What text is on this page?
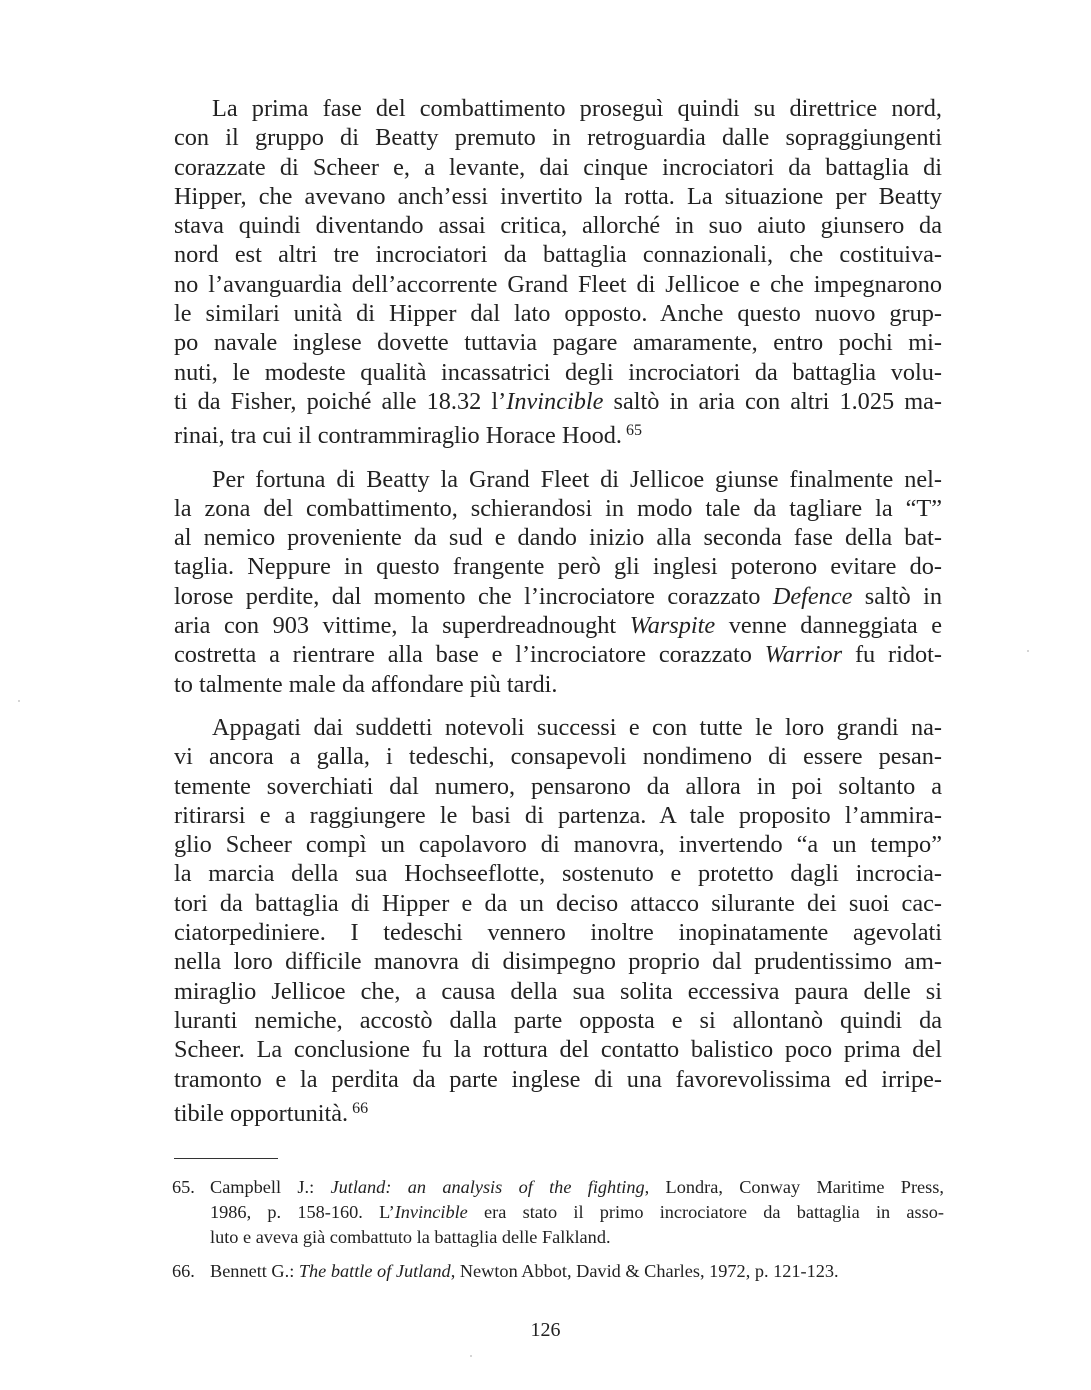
La prima fase del combattimento proseguì quindi su direttrice nord,
con il gruppo di Beatty premuto in retroguardia dalle sopraggiungenti
corazzate di Scheer e, a levante, dai cinque incrociatori da battaglia di
Hipper, che avevano anch’essi invertito la rotta. La situazione per Beatty
stava quindi diventando assai critica, allorché in suo aiuto giunsero da
nord est altri tre incrociatori da battaglia connazionali, che costituiva-
no l’avanguardia dell’accorrente Grand Fleet di Jellicoe e che impegnarono
le similari unità di Hipper dal lato opposto. Anche questo nuovo grup-
po navale inglese dovette tuttavia pagare amaramente, entro pochi mi-
nuti, le modeste qualità incassatrici degli incrociatori da battaglia volu-
ti da Fisher, poiché alle 18.32 l’Invincible saltò in aria con altri 1.025 ma-
rinai, tra cui il contrammiraglio Horace Hood. $^{65}$

Per fortuna di Beatty la Grand Fleet di Jellicoe giunse finalmente nel-
la zona del combattimento, schierandosi in modo tale da tagliare la “T”
al nemico proveniente da sud e dando inizio alla seconda fase della bat-
taglia. Neppure in questo frangente però gli inglesi poterono evitare do-
lorose perdite, dal momento che l’incrociatore corazzato Defence saltò in
aria con 903 vittime, la superdreadnought Warspite venne danneggiata e
costretta a rientrare alla base e l’incrociatore corazzato Warrior fu ridot-
to talmente male da affondare più tardi.

Appagati dai suddetti notevoli successi e con tutte le loro grandi na-
vi ancora a galla, i tedeschi, consapevoli nondimeno di essere pesan-
temente soverchiati dal numero, pensarono da allora in poi soltanto a
ritirarsi e a raggiungere le basi di partenza. A tale proposito l’ammira-
glio Scheer compì un capolavoro di manovra, invertendo “a un tempo”
la marcia della sua Hochseeflotte, sostenuto e protetto dagli incrocia-
tori da battaglia di Hipper e da un deciso attacco silurante dei suoi cac-
ciatorpediniere. I tedeschi vennero inoltre inopinatamente agevolati
nella loro difficile manovra di disimpegno proprio dal prudentissimo am-
miraglio Jellicoe che, a causa della sua solita eccessiva paura delle si
luranti nemiche, accostò dalla parte opposta e si allontanò quindi da
Scheer. La conclusione fu la rottura del contatto balistico poco prima del
tramonto e la perdita da parte inglese di una favorevolissima ed irripe-
tibile opportunità. $^{66}$

65. Campbell J.: Jutland: an analysis of the fighting, Londra, Conway Maritime Press,
1986, p. 158-160. L’Invincible era stato il primo incrociatore da battaglia in asso-
luto e aveva già combattuto la battaglia delle Falkland.
66. Bennett G.: The battle of Jutland, Newton Abbot, David & Charles, 1972, p. 121-123.
126
